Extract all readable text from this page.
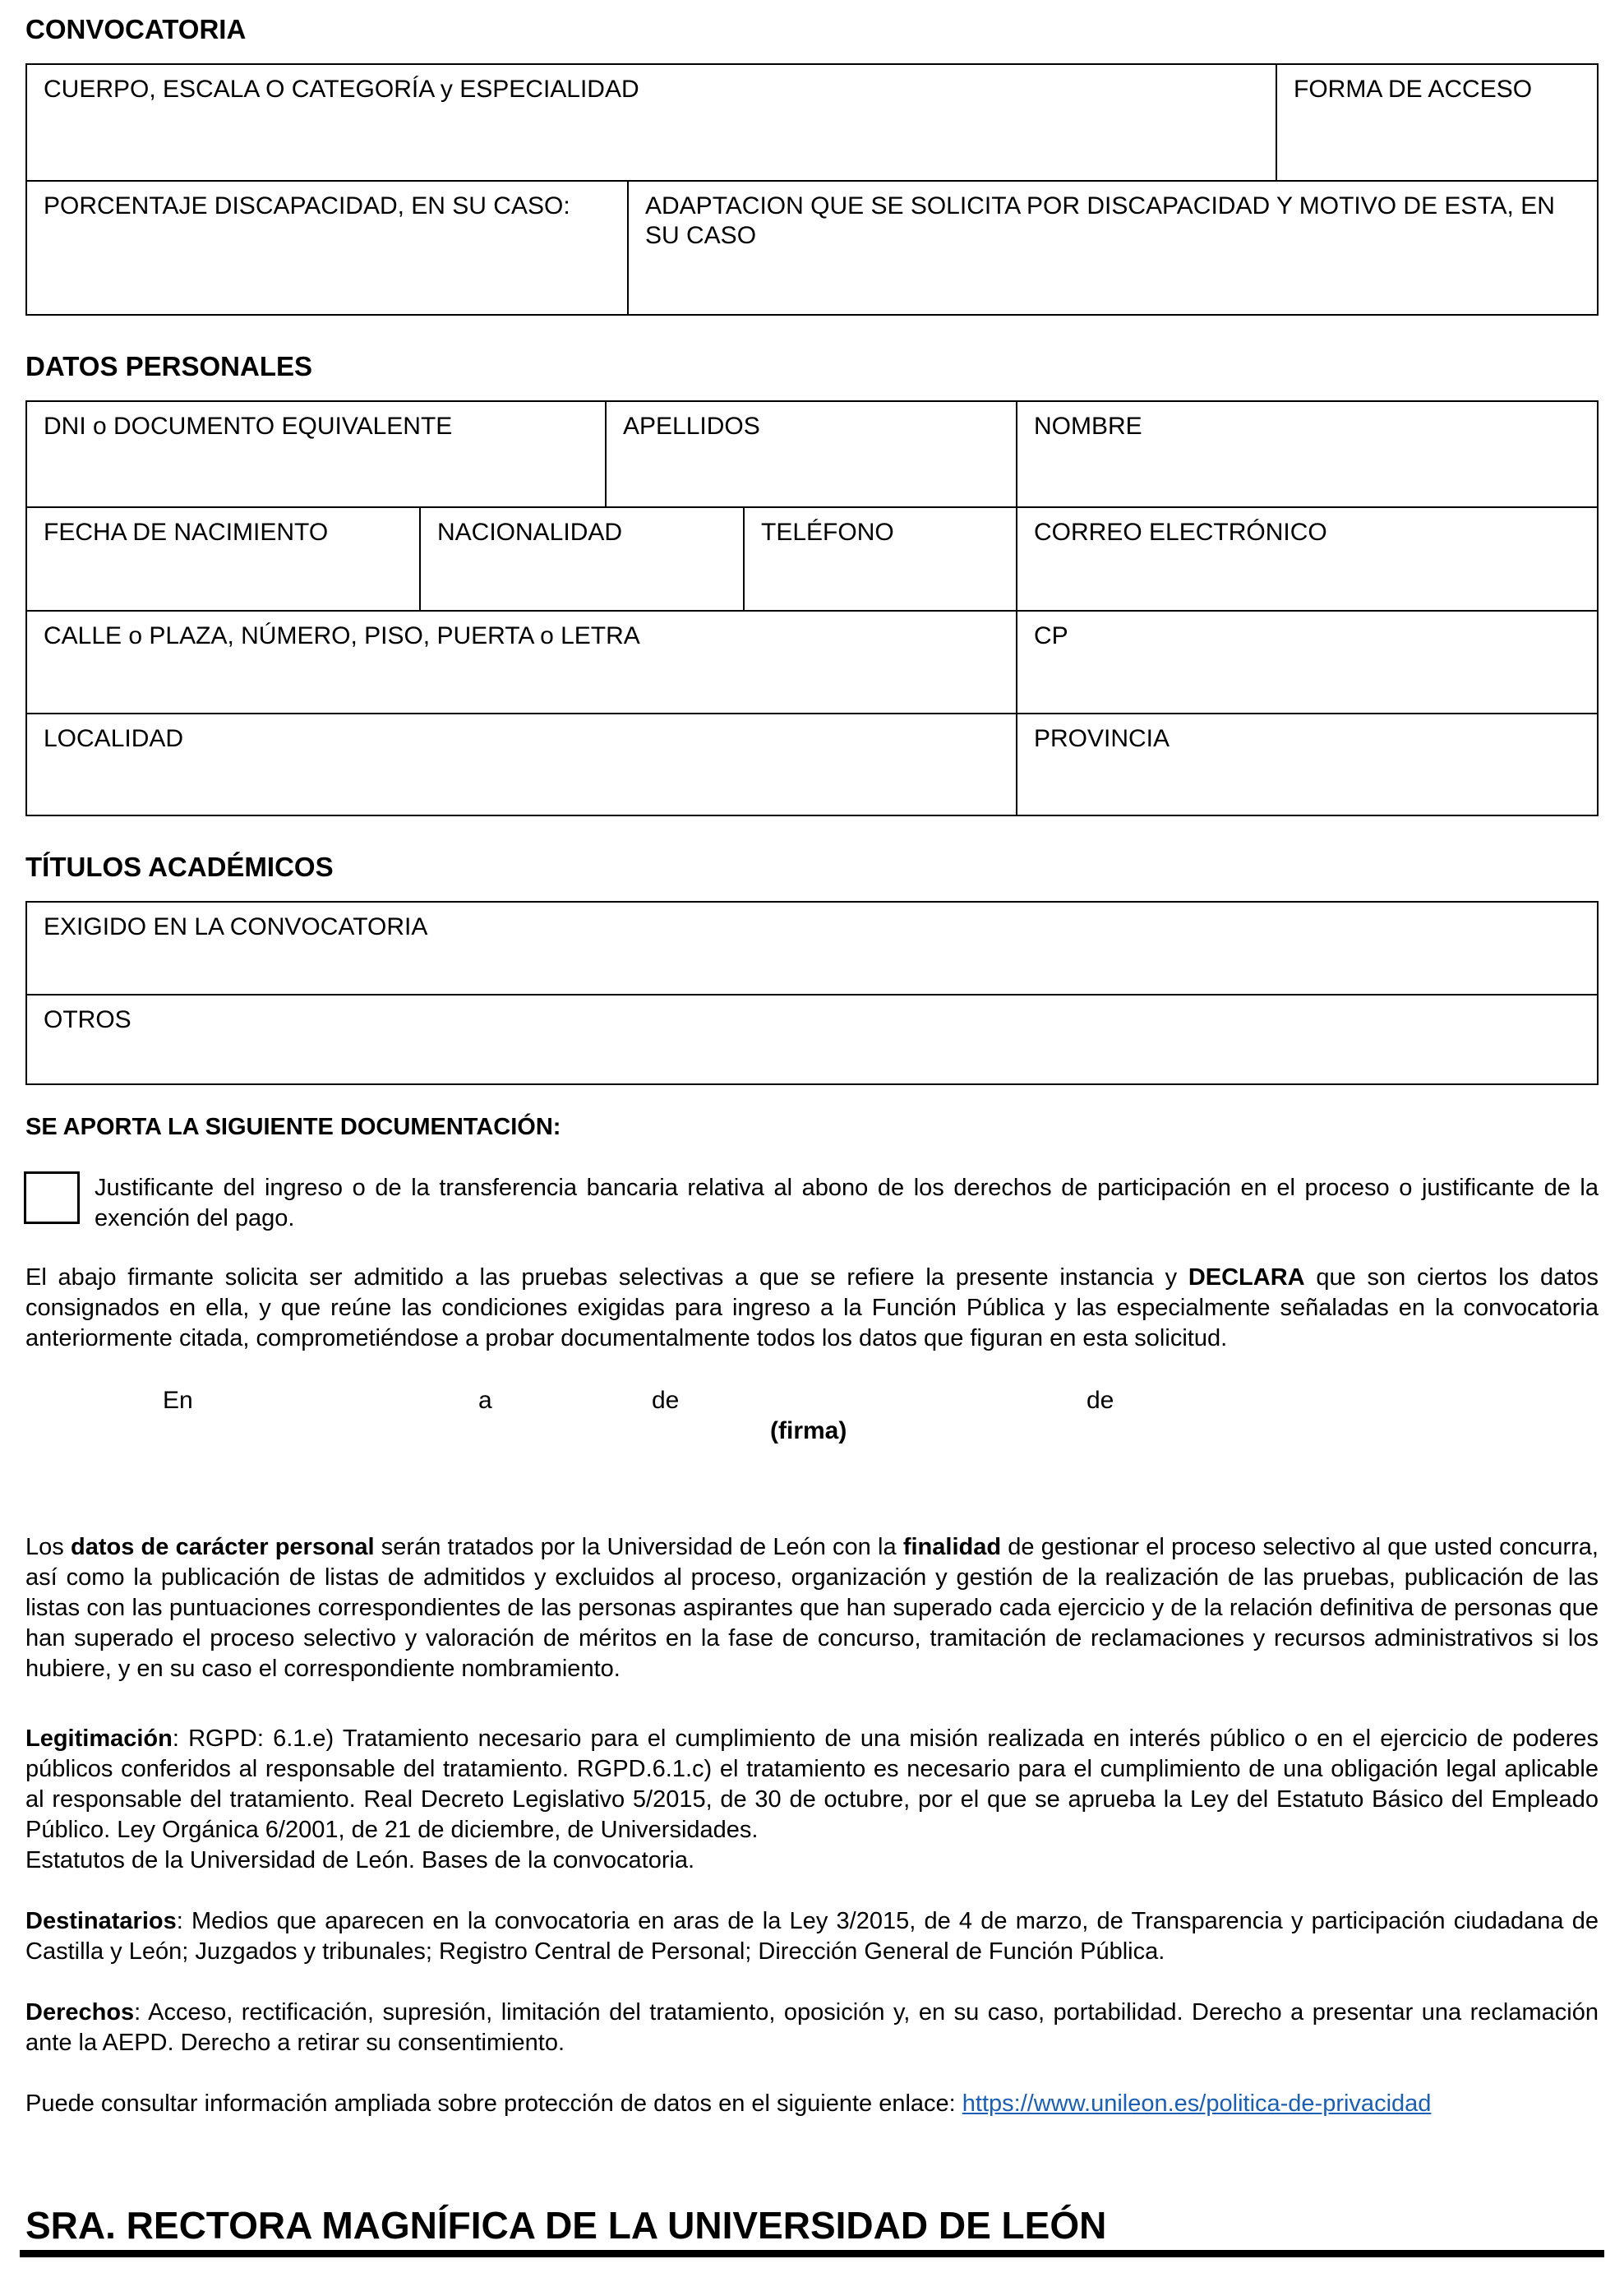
CONVOCATORIA
CUERPO, ESCALA O CATEGORÍA y ESPECIALIDAD	FORMA DE ACCESO
PORCENTAJE DISCAPACIDAD, EN SU CASO:	ADAPTACION QUE SE SOLICITA POR DISCAPACIDAD Y MOTIVO DE ESTA, EN SU CASO
DATOS PERSONALES
DNI o DOCUMENTO EQUIVALENTE	APELLIDOS	NOMBRE
FECHA DE NACIMIENTO	NACIONALIDAD	TELÉFONO	CORREO ELECTRÓNICO
CALLE o PLAZA, NÚMERO, PISO, PUERTA o LETRA	CP
LOCALIDAD	PROVINCIA
TÍTULOS ACADÉMICOS
EXIGIDO EN LA CONVOCATORIA
OTROS
SE APORTA LA SIGUIENTE DOCUMENTACIÓN:
Justificante del ingreso o de la transferencia bancaria relativa al abono de los derechos de participación en el proceso o justificante de la exención del pago.

El abajo firmante solicita ser admitido a las pruebas selectivas a que se refiere la presente instancia y DECLARA que son ciertos los datos consignados en ella, y que reúne las condiciones exigidas para ingreso a la Función Pública y las especialmente señaladas en la convocatoria anteriormente citada, comprometiéndose a probar documentalmente todos los datos que figuran en esta solicitud.

En	a	de	de
(firma)

Los datos de carácter personal serán tratados por la Universidad de León con la finalidad de gestionar el proceso selectivo al que usted concurra, así como la publicación de listas de admitidos y excluidos al proceso, organización y gestión de la realización de las pruebas, publicación de las listas con las puntuaciones correspondientes de las personas aspirantes que han superado cada ejercicio y de la relación definitiva de personas que han superado el proceso selectivo y valoración de méritos en la fase de concurso, tramitación de reclamaciones y recursos administrativos si los hubiere, y en su caso el correspondiente nombramiento.

Legitimación: RGPD: 6.1.e) Tratamiento necesario para el cumplimiento de una misión realizada en interés público o en el ejercicio de poderes públicos conferidos al responsable del tratamiento. RGPD.6.1.c) el tratamiento es necesario para el cumplimiento de una obligación legal aplicable al responsable del tratamiento. Real Decreto Legislativo 5/2015, de 30 de octubre, por el que se aprueba la Ley del Estatuto Básico del Empleado Público. Ley Orgánica 6/2001, de 21 de diciembre, de Universidades.

Estatutos de la Universidad de León. Bases de la convocatoria.

Destinatarios: Medios que aparecen en la convocatoria en aras de la Ley 3/2015, de 4 de marzo, de Transparencia y participación ciudadana de Castilla y León; Juzgados y tribunales; Registro Central de Personal; Dirección General de Función Pública.

Derechos: Acceso, rectificación, supresión, limitación del tratamiento, oposición y, en su caso, portabilidad. Derecho a presentar una reclamación ante la AEPD. Derecho a retirar su consentimiento.

Puede consultar información ampliada sobre protección de datos en el siguiente enlace: https://www.unileon.es/politica-de-privacidad

SRA. RECTORA MAGNÍFICA DE LA UNIVERSIDAD DE LEÓN
